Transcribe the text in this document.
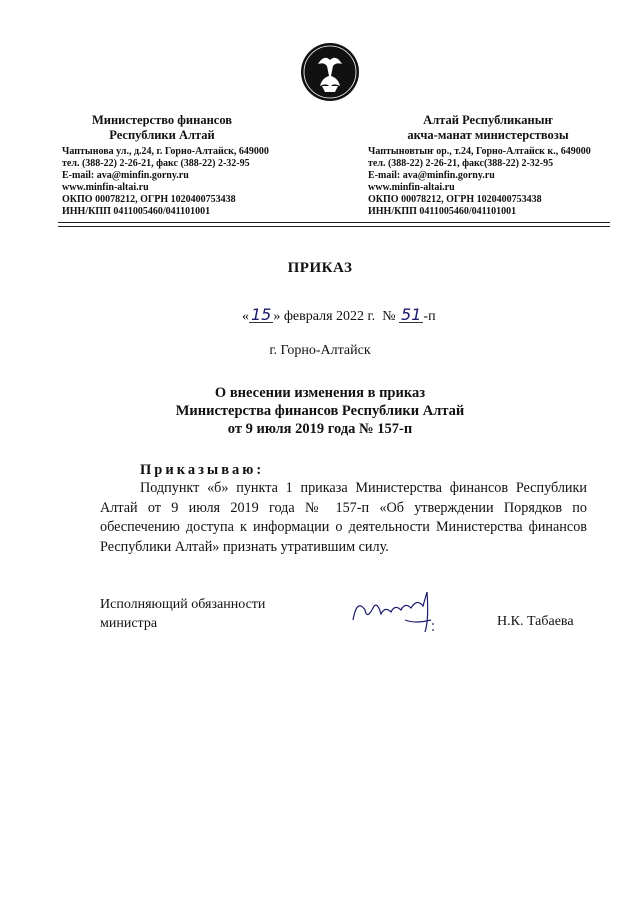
Министерство финансов
Республики Алтай
Чаптынова ул., д.24, г. Горно-Алтайск, 649000
тел. (388-22) 2-26-21, факс (388-22) 2-32-95
E-mail: ava@minfin.gorny.ru
www.minfin-altai.ru
ОКПО 00078212, ОГРН 1020400753438
ИНН/КПП 0411005460/041101001
Алтай Республиканыҥ
акча-манат министерствозы
Чаптыновтыҥ ор., т.24, Горно-Алтайск к., 649000
тел. (388-22) 2-26-21, факс(388-22) 2-32-95
E-mail: ava@minfin.gorny.ru
www.minfin-altai.ru
ОКПО 00078212, ОГРН 1020400753438
ИНН/КПП 0411005460/041101001
ПРИКАЗ
« 15 » февраля 2022 г. № 51 -п
г. Горно-Алтайск
О внесении изменения в приказ
Министерства финансов Республики Алтай
от 9 июля 2019 года № 157-п
Приказываю:
Подпункт «б» пункта 1 приказа Министерства финансов Республики Алтай от 9 июля 2019 года № 157-п «Об утверждении Порядков по обеспечению доступа к информации о деятельности Министерства финансов Республики Алтай» признать утратившим силу.
Исполняющий обязанности
министра	Н.К. Табаева
